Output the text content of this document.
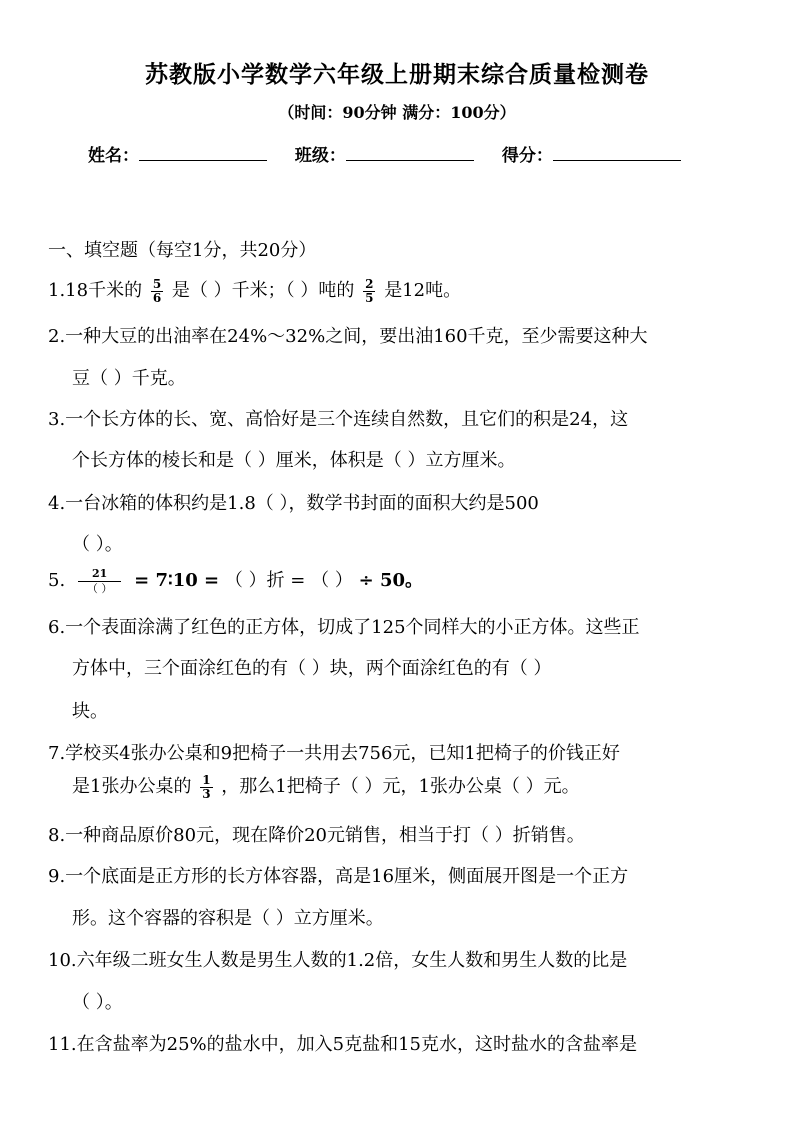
苏教版小学数学六年级上册期末综合质量检测卷
（时间：90分钟 满分：100分）
姓名：	班级：	得分：
一、填空题（每空1分，共20分）
1.18千米的 $\frac{5}{6}$ 是（ ）千米；（ ）吨的 $\frac{2}{5}$ 是12吨。
2.一种大豆的出油率在24%～32%之间，要出油160千克，至少需要这种大
豆（ ）千克。
3.一个长方体的长、宽、高恰好是三个连续自然数，且它们的积是24，这
个长方体的棱长和是（ ）厘米，体积是（ ）立方厘米。
4.一台冰箱的体积约是1.8（ ），数学书封面的面积大约是500
（ ）。
5. $\frac{21}{( )}$ = 7∶10 = （ ）折 = （ ） ÷ 50。
6.一个表面涂满了红色的正方体，切成了125个同样大的小正方体。这些正
方体中，三个面涂红色的有（ ）块，两个面涂红色的有（ ）
块。
7.学校买4张办公桌和9把椅子一共用去756元，已知1把椅子的价钱正好
是1张办公桌的 $\frac{1}{3}$ ，那么1把椅子（ ）元，1张办公桌（ ）元。
8.一种商品原价80元，现在降价20元销售，相当于打（ ）折销售。
9.一个底面是正方形的长方体容器，高是16厘米，侧面展开图是一个正方
形。这个容器的容积是（ ）立方厘米。
10.六年级二班女生人数是男生人数的1.2倍，女生人数和男生人数的比是
（ ）。
11.在含盐率为25%的盐水中，加入5克盐和15克水，这时盐水的含盐率是
